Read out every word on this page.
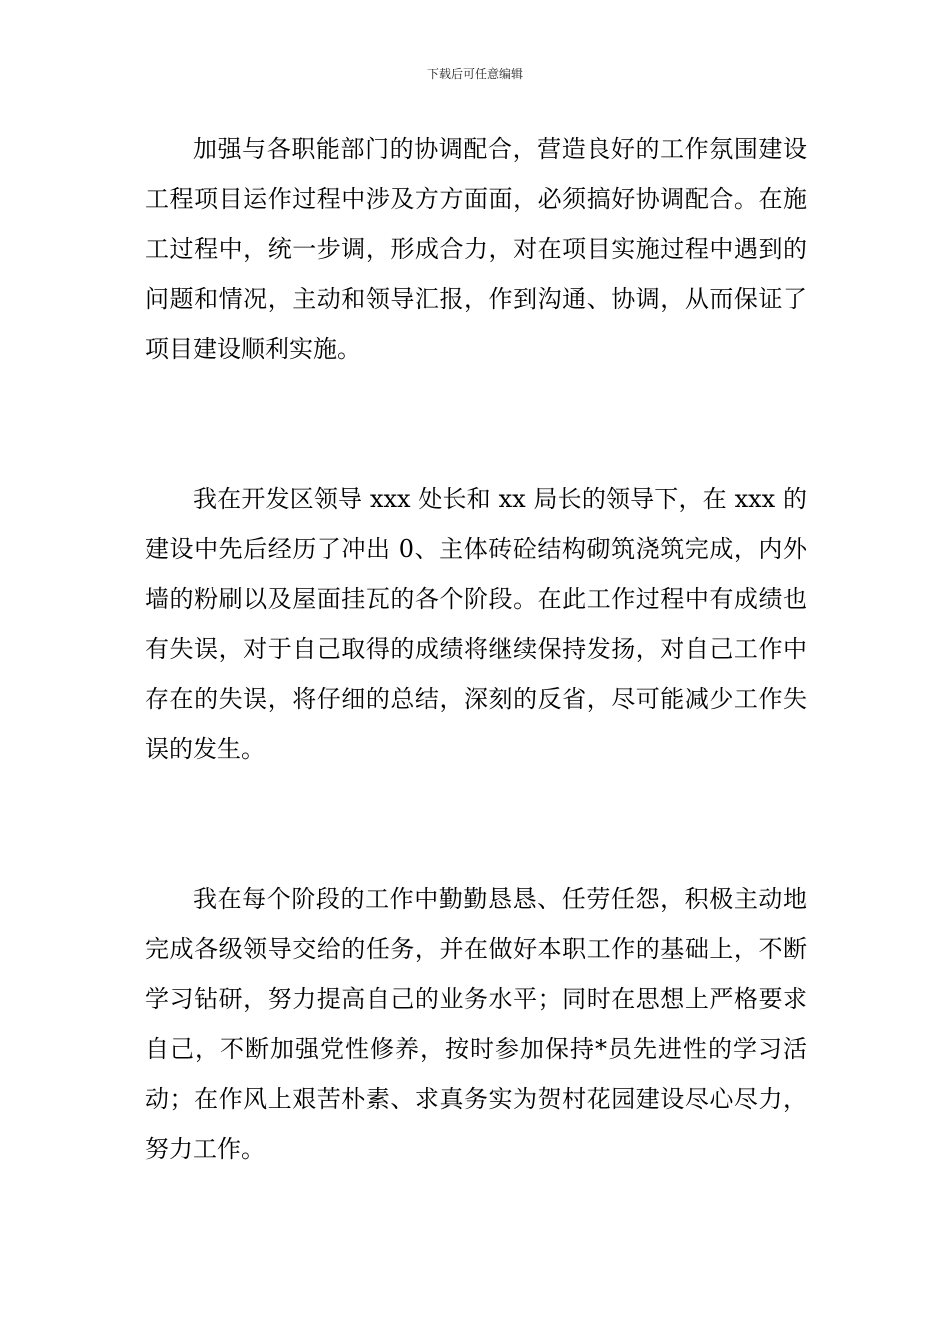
下载后可任意编辑

加强与各职能部门的协调配合，营造良好的工作氛围建设工程项目运作过程中涉及方方面面，必须搞好协调配合。在施工过程中，统一步调，形成合力，对在项目实施过程中遇到的问题和情况，主动和领导汇报，作到沟通、协调，从而保证了项目建设顺利实施。

我在开发区领导 xxx 处长和 xx 局长的领导下，在 xxx 的建设中先后经历了冲出 0、主体砖砼结构砌筑浇筑完成，内外墙的粉刷以及屋面挂瓦的各个阶段。在此工作过程中有成绩也有失误，对于自己取得的成绩将继续保持发扬，对自己工作中存在的失误，将仔细的总结，深刻的反省，尽可能减少工作失误的发生。

我在每个阶段的工作中勤勤恳恳、任劳任怨，积极主动地完成各级领导交给的任务，并在做好本职工作的基础上，不断学习钻研，努力提高自己的业务水平；同时在思想上严格要求自己，不断加强党性修养，按时参加保持*员先进性的学习活动；在作风上艰苦朴素、求真务实为贺村花园建设尽心尽力，努力工作。
